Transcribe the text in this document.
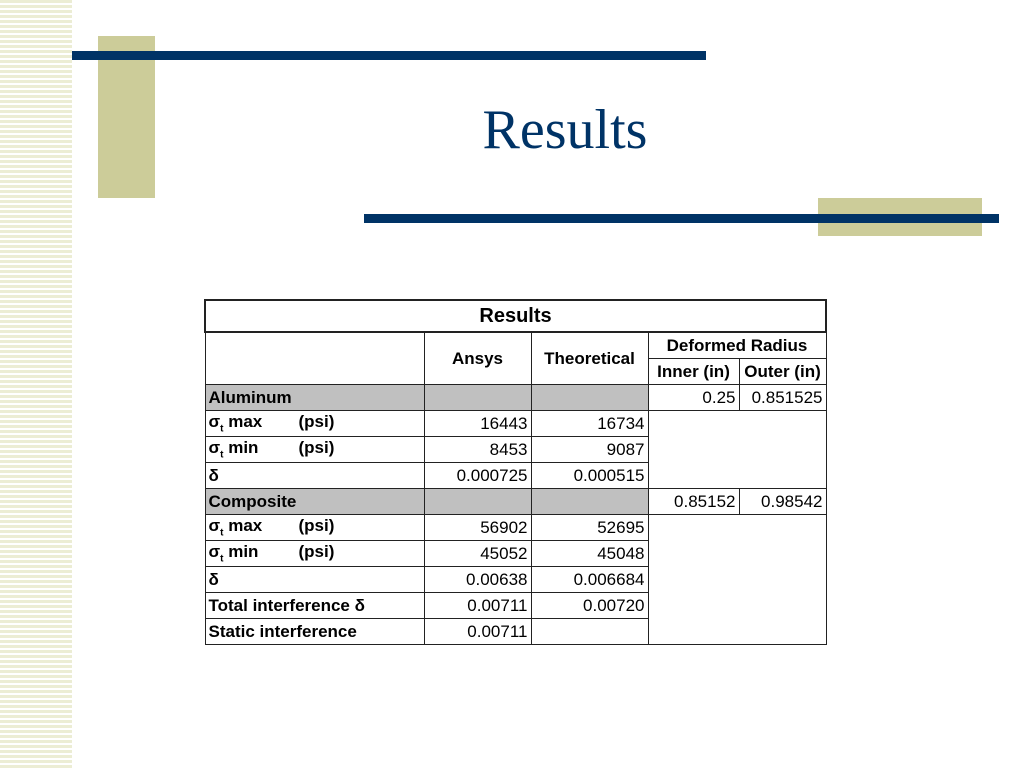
Results
Results				
	Ansys	Theoretical	Deformed Radius	
			Inner (in)	Outer (in)
Aluminum			0.25	0.851525

$\sigma_t$ max (psi)	16443	16734		

$\sigma_t$ min (psi)	8453	9087		
δ	0.000725	0.000515		
Composite			0.85152	0.98542

$\sigma_t$ max (psi)	56902	52695		

$\sigma_t$ min (psi)	45052	45048		
δ	0.00638	0.006684		
Total interference δ	0.00711	0.00720		
Static interference	0.00711			
